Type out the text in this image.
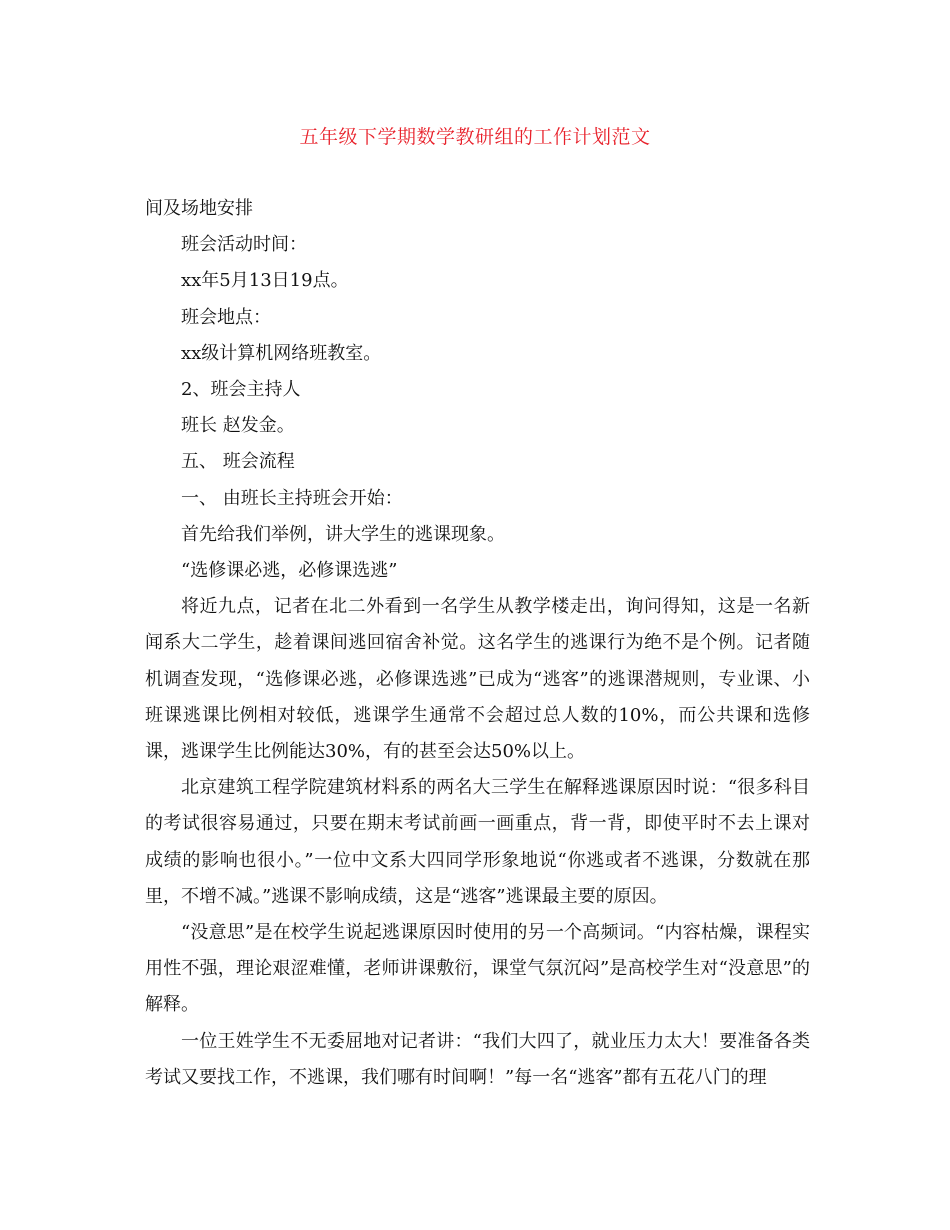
五年级下学期数学教研组的工作计划范文

间及场地安排

班会活动时间：

xx年5月13日19点。

班会地点：

xx级计算机网络班教室。

2、班会主持人

班长 赵发金。

五、 班会流程

一、 由班长主持班会开始：

首先给我们举例，讲大学生的逃课现象。

“选修课必逃，必修课选逃”

将近九点，记者在北二外看到一名学生从教学楼走出，询问得知，这是一名新闻系大二学生，趁着课间逃回宿舍补觉。这名学生的逃课行为绝不是个例。记者随机调查发现，“选修课必逃，必修课选逃”已成为“逃客”的逃课潜规则，专业课、小班课逃课比例相对较低，逃课学生通常不会超过总人数的10%，而公共课和选修课，逃课学生比例能达30%，有的甚至会达50%以上。

北京建筑工程学院建筑材料系的两名大三学生在解释逃课原因时说：“很多科目的考试很容易通过，只要在期末考试前画一画重点，背一背，即使平时不去上课对成绩的影响也很小。”一位中文系大四同学形象地说“你逃或者不逃课，分数就在那里，不增不减。”逃课不影响成绩，这是“逃客”逃课最主要的原因。

“没意思”是在校学生说起逃课原因时使用的另一个高频词。“内容枯燥，课程实用性不强，理论艰涩难懂，老师讲课敷衍，课堂气氛沉闷”是高校学生对“没意思”的解释。

一位王姓学生不无委屈地对记者讲：“我们大四了，就业压力太大！要准备各类考试又要找工作，不逃课，我们哪有时间啊！”每一名“逃客”都有五花八门的理
